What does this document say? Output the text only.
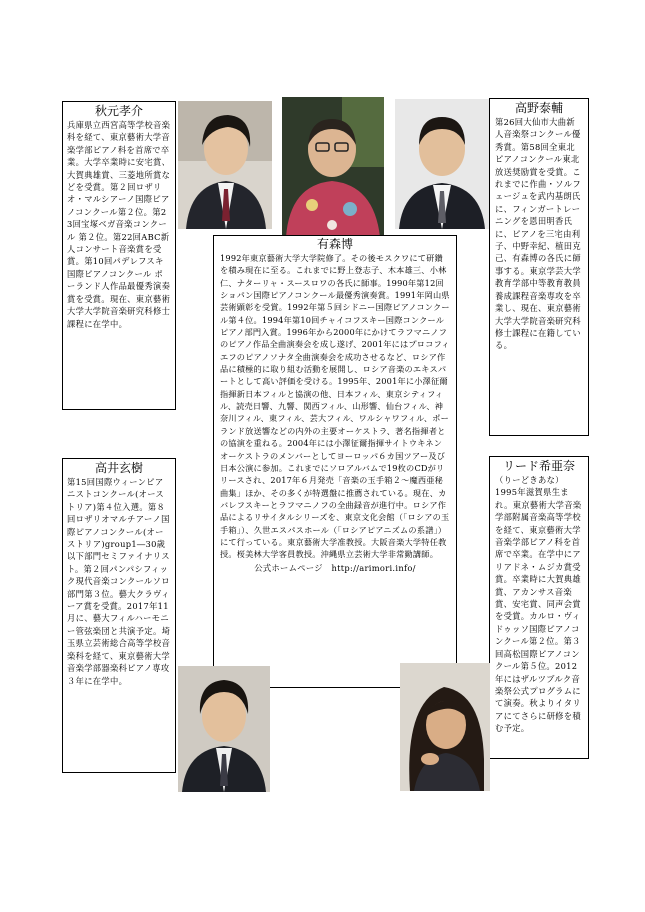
秋元孝介
兵庫県立西宮高等学校音楽科を経て、東京藝術大学音楽学部ピアノ科を首席で卒業。大学卒業時に安宅賞、大賀典雄賞、三菱地所賞などを受賞。第２回ロザリオ・マルシアーノ国際ピアノコンクール第２位。第23回宝塚ベガ音楽コンクール 第２位。第22回ABC新人コンサート音楽賞を受賞。第10回パデレフスキ国際ピアノコンクール ポーランド人作品最優秀演奏賞を受賞。現在、東京藝術大学大学院音楽研究科修士課程に在学中。
高野泰輔
第26回大仙市大曲新人音楽祭コンクール優秀賞。第58回全東北ピアノコンクール東北放送奨励賞を受賞。これまでに作曲・ソルフェージュを武内基朗氏に、フィンガートレーニングを恩田明香氏に、ピアノを三宅由利子、中野幸紀、植田克己、有森博の各氏に師事する。東京学芸大学教育学部中等教育教員養成課程音楽専攻を卒業し、現在、東京藝術大学大学院音楽研究科修士課程に在籍している。
有森博
1992年東京藝術大学大学院修了。その後モスクワにて研鑽を積み現在に至る。これまでに野上登志子、木本雄三、小林仁、ナターリャ・スースロワの各氏に師事。1990年第12回ショパン国際ピアノコンクール最優秀演奏賞。1991年岡山県芸術顕彰を受賞。1992年第５回シドニー国際ピアノコンクール第４位。1994年第10回チャイコフスキー国際コンクールピアノ部門入賞。1996年から2000年にかけてラフマニノフのピアノ作品全曲演奏会を成し遂げ、2001年にはプロコフィエフのピアノソナタ全曲演奏会を成功させるなど、ロシア作品に積極的に取り組む活動を展開し、ロシア音楽のエキスパートとして高い評価を受ける。1995年、2001年に小澤征爾指揮新日本フィルと協演の他、日本フィル、東京シティフィル、読売日響、九響、関西フィル、山形響、仙台フィル、神奈川フィル、東フィル、芸大フィル、ワルシャワフィル、ポーランド放送響などの内外の主要オーケストラ、著名指揮者との協演を重ねる。2004年には小澤征爾指揮サイトウキネンオーケストラのメンバーとしてヨーロッパ６カ国ツアー及び日本公演に参加。これまでにソロアルバムで19枚のCDがリリースされ、2017年６月発売「音楽の玉手箱２～魔西亜秘曲集」ほか、その多くが特選盤に推薦されている。現在、カバレフスキーとラフマニノフの全曲録音が進行中。ロシア作品によるリサイタルシリーズを、東京文化会館（「ロシアの玉手箱」）、久世エスパスホール（「ロシアピアニズムの系譜」）にて行っている。東京藝術大学准教授。大阪音楽大学特任教授。桜美林大学客員教授。沖縄県立芸術大学非常勤講師。
公式ホームページ　http://arimori.info/
高井玄樹
第15回国際ウィーンピアニストコンクール(オーストリア)第４位入選。第８回ロザリオマルチアーノ国際ピアノコンクール(オーストリア)group1―30歳以下部門セミファイナリスト。第２回パンパシフィック現代音楽コンクールソロ部門第３位。藝大クラヴィーア賞を受賞。2017年11月に、藝大フィルハーモニー管弦楽団と共演予定。埼玉県立芸術総合高等学校音楽科を経て、東京藝術大学音楽学部器楽科ピアノ専攻３年に在学中。
リード希亜奈
（りーどきあな）
1995年滋賀県生まれ。東京藝術大学音楽学部附属音楽高等学校を経て、東京藝術大学音楽学部ピアノ科を首席で卒業。在学中にアリアドネ・ムジカ賞受賞。卒業時に大賀典雄賞、アカンサス音楽賞、安宅賞、同声会賞を受賞。カルロ・ヴィドゥッソ国際ピアノコンクール第２位。第３回高松国際ピアノコンクール第５位。2012年にはザルツブルク音楽祭公式プログラムにて演奏。秋よりイタリアにてさらに研修を積む予定。
